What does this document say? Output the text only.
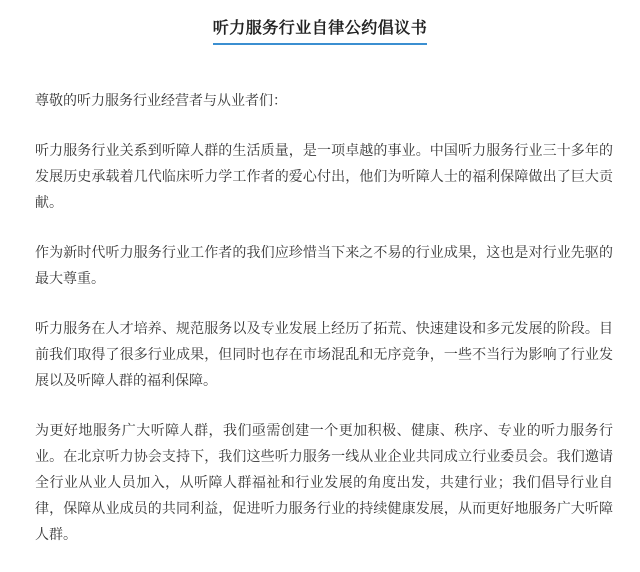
听力服务行业自律公约倡议书

尊敬的听力服务行业经营者与从业者们：

听力服务行业关系到听障人群的生活质量，是一项卓越的事业。中国听力服务行业三十多年的发展历史承载着几代临床听力学工作者的爱心付出，他们为听障人士的福利保障做出了巨大贡献。

作为新时代听力服务行业工作者的我们应珍惜当下来之不易的行业成果，这也是对行业先驱的最大尊重。

听力服务在人才培养、规范服务以及专业发展上经历了拓荒、快速建设和多元发展的阶段。目前我们取得了很多行业成果，但同时也存在市场混乱和无序竞争，一些不当行为影响了行业发展以及听障人群的福利保障。

为更好地服务广大听障人群，我们亟需创建一个更加积极、健康、秩序、专业的听力服务行业。在北京听力协会支持下，我们这些听力服务一线从业企业共同成立行业委员会。我们邀请全行业从业人员加入，从听障人群福祉和行业发展的角度出发，共建行业；我们倡导行业自律，保障从业成员的共同利益，促进听力服务行业的持续健康发展，从而更好地服务广大听障人群。
